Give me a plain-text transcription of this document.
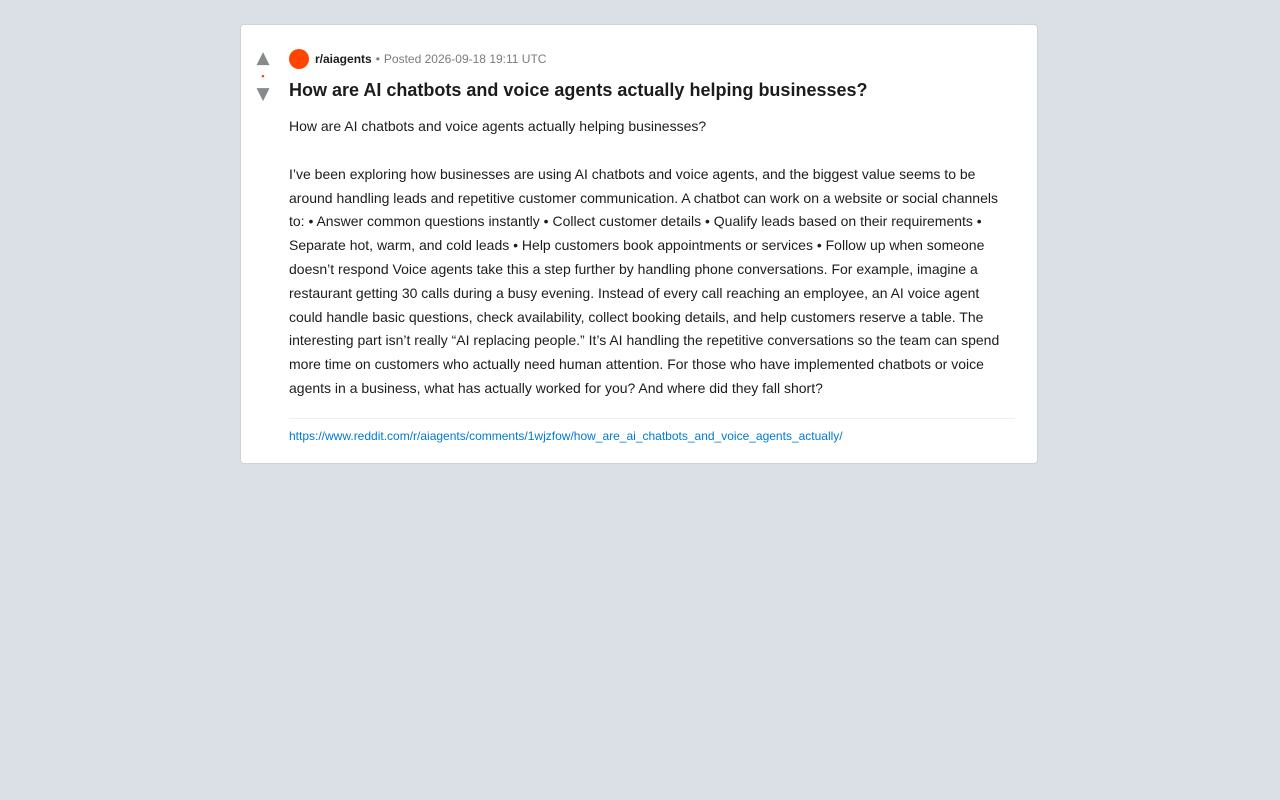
▲
•
▼
r/aiagents • Posted 2026-09-18 19:11 UTC
How are AI chatbots and voice agents actually helping businesses?

How are AI chatbots and voice agents actually helping businesses?

I’ve been exploring how businesses are using AI chatbots and voice agents, and the biggest value seems to be around handling leads and repetitive customer communication. A chatbot can work on a website or social channels to: • Answer common questions instantly • Collect customer details • Qualify leads based on their requirements • Separate hot, warm, and cold leads • Help customers book appointments or services • Follow up when someone doesn’t respond Voice agents take this a step further by handling phone conversations. For example, imagine a restaurant getting 30 calls during a busy evening. Instead of every call reaching an employee, an AI voice agent could handle basic questions, check availability, collect booking details, and help customers reserve a table. The interesting part isn’t really “AI replacing people.” It’s AI handling the repetitive conversations so the team can spend more time on customers who actually need human attention. For those who have implemented chatbots or voice agents in a business, what has actually worked for you? And where did they fall short?

https://www.reddit.com/r/aiagents/comments/1wjzfow/how_are_ai_chatbots_and_voice_agents_actually/
